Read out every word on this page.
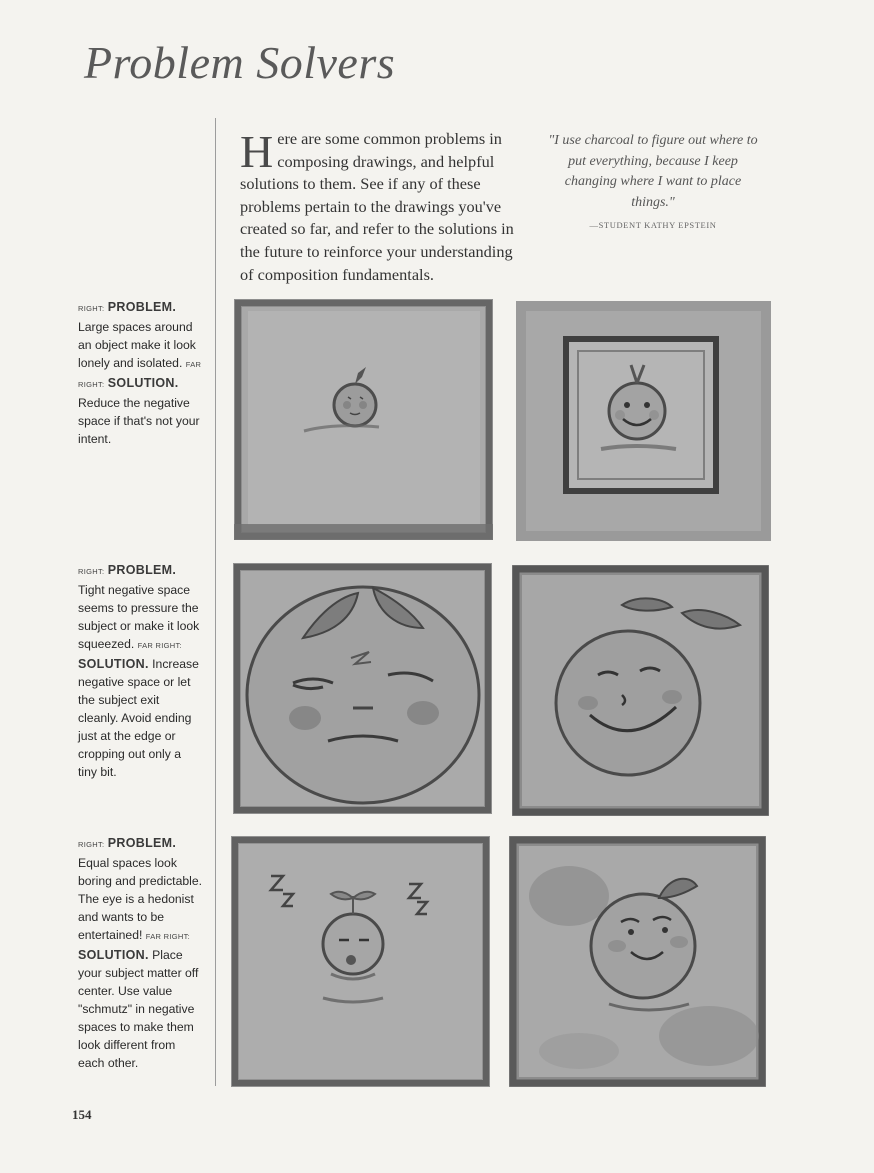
Problem Solvers

Here are some common problems in composing drawings, and helpful solutions to them. See if any of these problems pertain to the drawings you've created so far, and refer to the solutions in the future to reinforce your understanding of composition fundamentals.

"I use charcoal to figure out where to put everything, because I keep changing where I want to place things."

—STUDENT KATHY EPSTEIN
RIGHT: PROBLEM. Large spaces around an object make it look lonely and isolated. FAR RIGHT: SOLUTION. Reduce the negative space if that's not your intent.
RIGHT: PROBLEM. Tight negative space seems to pressure the subject or make it look squeezed. FAR RIGHT: SOLUTION. Increase negative space or let the subject exit cleanly. Avoid ending just at the edge or cropping out only a tiny bit.
RIGHT: PROBLEM. Equal spaces look boring and predictable. The eye is a hedonist and wants to be entertained! FAR RIGHT: SOLUTION. Place your subject matter off center. Use value "schmutz" in negative spaces to make them look different from each other.
154
